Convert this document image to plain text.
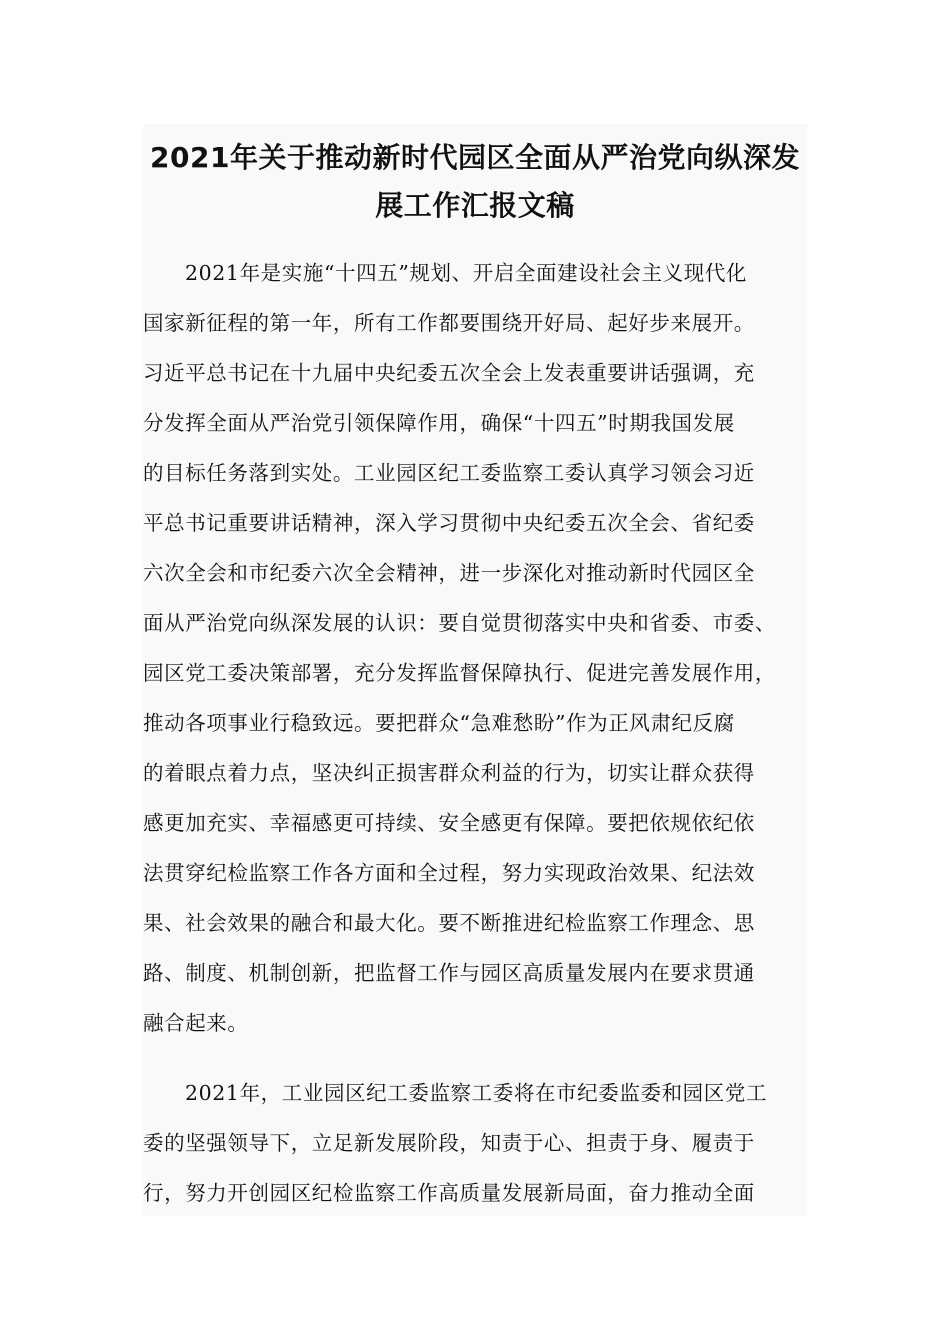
2021年关于推动新时代园区全面从严治党向纵深发
展工作汇报文稿
2021年是实施“十四五”规划、开启全面建设社会主义现代化
国家新征程的第一年，所有工作都要围绕开好局、起好步来展开。
习近平总书记在十九届中央纪委五次全会上发表重要讲话强调，充
分发挥全面从严治党引领保障作用，确保“十四五”时期我国发展
的目标任务落到实处。工业园区纪工委监察工委认真学习领会习近
平总书记重要讲话精神，深入学习贯彻中央纪委五次全会、省纪委
六次全会和市纪委六次全会精神，进一步深化对推动新时代园区全
面从严治党向纵深发展的认识：要自觉贯彻落实中央和省委、市委、
园区党工委决策部署，充分发挥监督保障执行、促进完善发展作用，
推动各项事业行稳致远。要把群众“急难愁盼”作为正风肃纪反腐
的着眼点着力点，坚决纠正损害群众利益的行为，切实让群众获得
感更加充实、幸福感更可持续、安全感更有保障。要把依规依纪依
法贯穿纪检监察工作各方面和全过程，努力实现政治效果、纪法效
果、社会效果的融合和最大化。要不断推进纪检监察工作理念、思
路、制度、机制创新，把监督工作与园区高质量发展内在要求贯通
融合起来。
2021年，工业园区纪工委监察工委将在市纪委监委和园区党工
委的坚强领导下，立足新发展阶段，知责于心、担责于身、履责于
行，努力开创园区纪检监察工作高质量发展新局面，奋力推动全面
